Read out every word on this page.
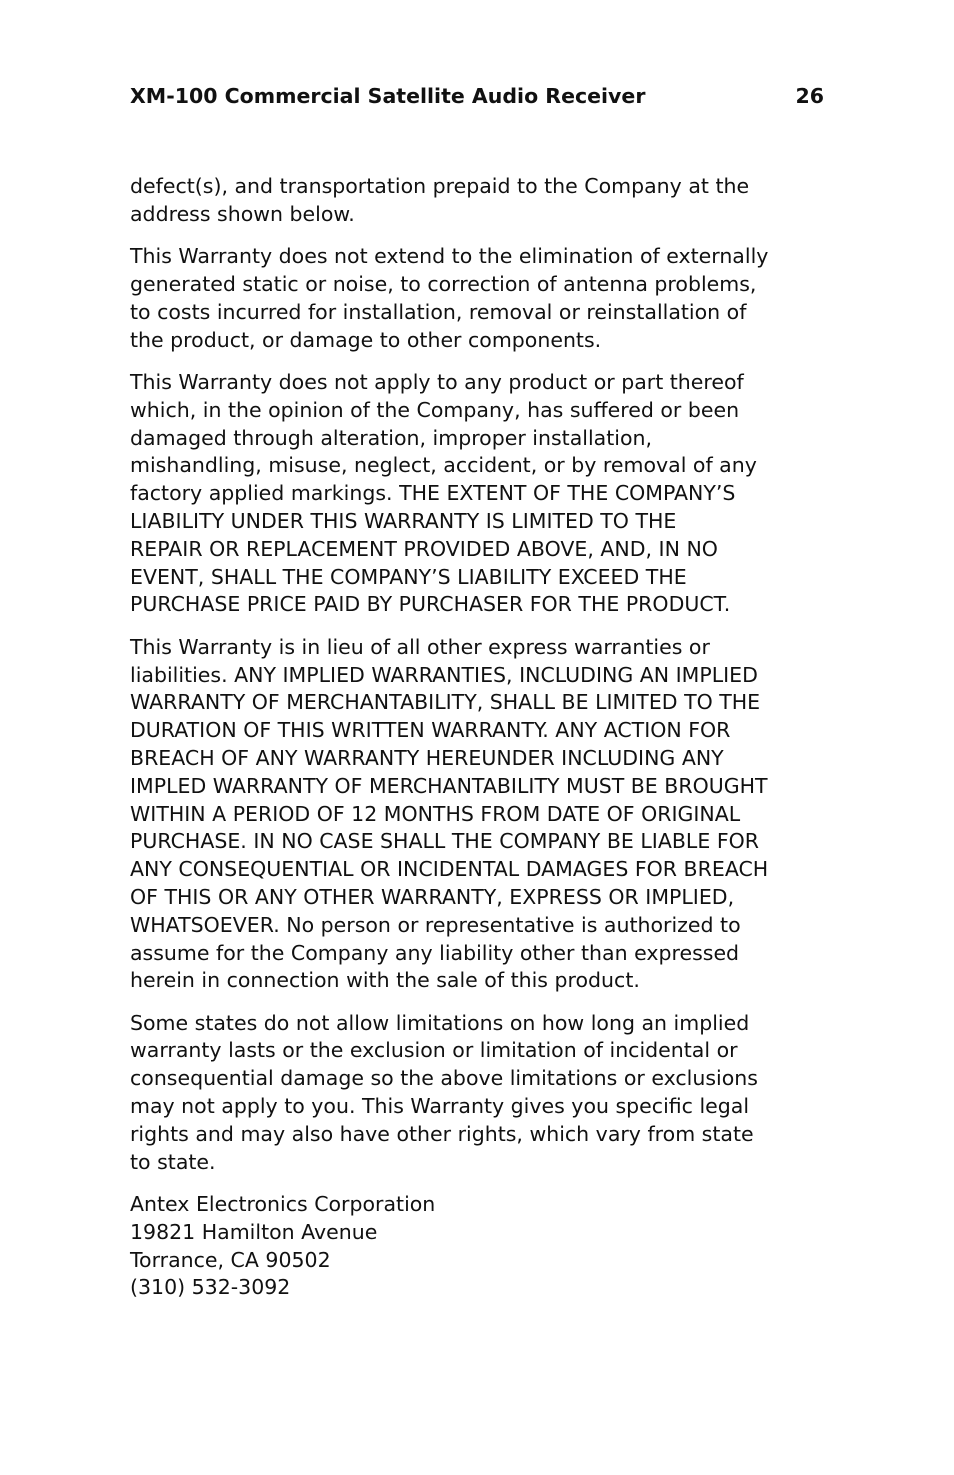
XM-100 Commercial Satellite Audio Receiver	26

defect(s), and transportation prepaid to the Company at the
address shown below.

This Warranty does not extend to the elimination of externally
generated static or noise, to correction of antenna problems,
to costs incurred for installation, removal or reinstallation of
the product, or damage to other components.

This Warranty does not apply to any product or part thereof
which, in the opinion of the Company, has suffered or been
damaged through alteration, improper installation,
mishandling, misuse, neglect, accident, or by removal of any
factory applied markings. THE EXTENT OF THE COMPANY’S
LIABILITY UNDER THIS WARRANTY IS LIMITED TO THE
REPAIR OR REPLACEMENT PROVIDED ABOVE, AND, IN NO
EVENT, SHALL THE COMPANY’S LIABILITY EXCEED THE
PURCHASE PRICE PAID BY PURCHASER FOR THE PRODUCT.

This Warranty is in lieu of all other express warranties or
liabilities. ANY IMPLIED WARRANTIES, INCLUDING AN IMPLIED
WARRANTY OF MERCHANTABILITY, SHALL BE LIMITED TO THE
DURATION OF THIS WRITTEN WARRANTY. ANY ACTION FOR
BREACH OF ANY WARRANTY HEREUNDER INCLUDING ANY
IMPLED WARRANTY OF MERCHANTABILITY MUST BE BROUGHT
WITHIN A PERIOD OF 12 MONTHS FROM DATE OF ORIGINAL
PURCHASE. IN NO CASE SHALL THE COMPANY BE LIABLE FOR
ANY CONSEQUENTIAL OR INCIDENTAL DAMAGES FOR BREACH
OF THIS OR ANY OTHER WARRANTY, EXPRESS OR IMPLIED,
WHATSOEVER. No person or representative is authorized to
assume for the Company any liability other than expressed
herein in connection with the sale of this product.

Some states do not allow limitations on how long an implied
warranty lasts or the exclusion or limitation of incidental or
consequential damage so the above limitations or exclusions
may not apply to you. This Warranty gives you specific legal
rights and may also have other rights, which vary from state
to state.

Antex Electronics Corporation
19821 Hamilton Avenue
Torrance, CA 90502
(310) 532-3092
